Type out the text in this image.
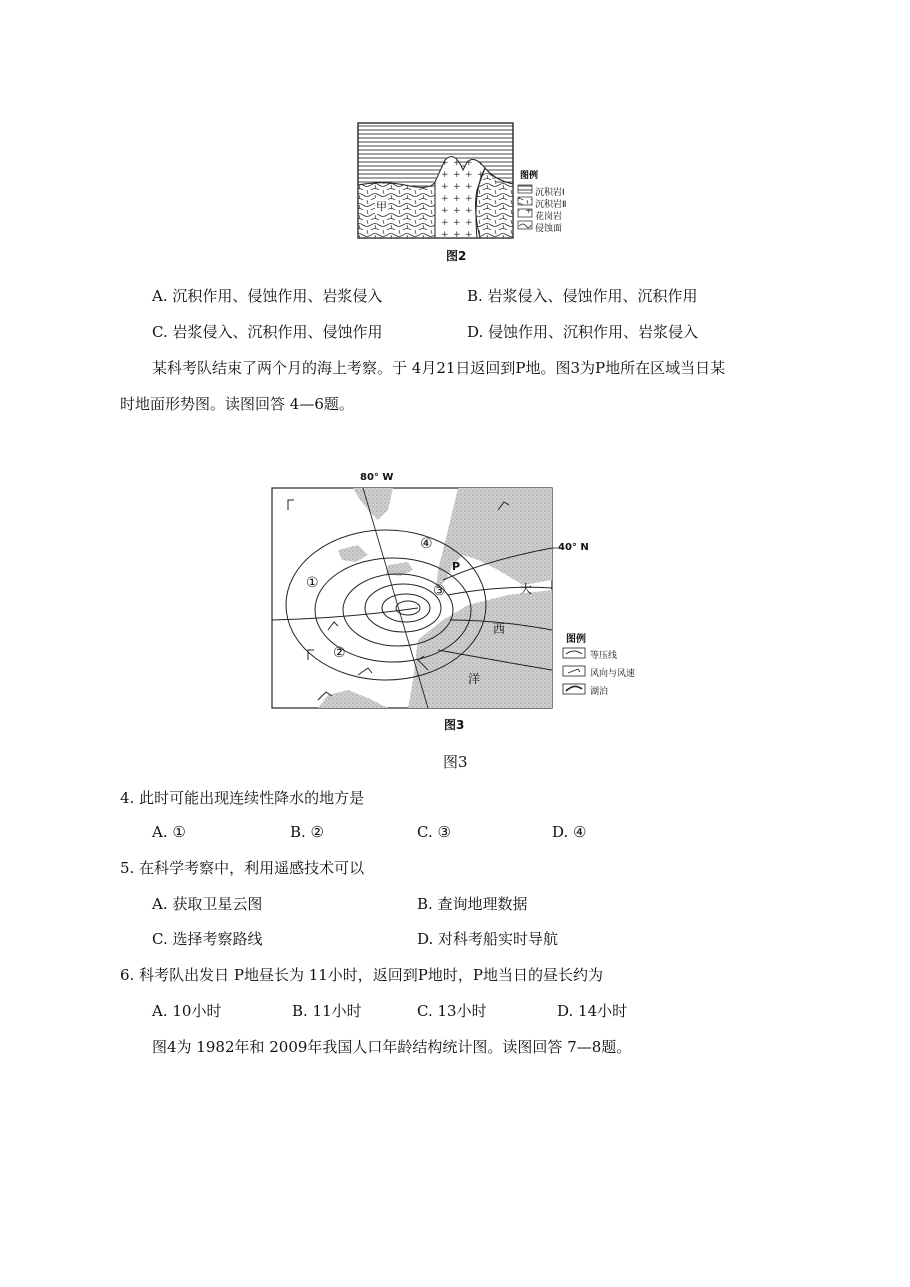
图例
甲
沉积岩Ⅰ
沉积岩Ⅱ
花岗岩
侵蚀面
图2
A. 沉积作用、侵蚀作用、岩浆侵入	B. 岩浆侵入、侵蚀作用、沉积作用
C. 岩浆侵入、沉积作用、侵蚀作用	D. 侵蚀作用、沉积作用、岩浆侵入
某科考队结束了两个月的海上考察。于 4月21日返回到P地。图3为P地所在区域当日某
时地面形势图。读图回答 4—6题。
80° W
40° N
P
①
②
③
④
大
西
洋
图例
等压线
风向与风速
湖泊
图3
图3
4. 此时可能出现连续性降水的地方是
A. ①	B. ②	C. ③	D. ④
5. 在科学考察中，利用遥感技术可以
A. 获取卫星云图	B. 查询地理数据
C. 选择考察路线	D. 对科考船实时导航
6. 科考队出发日 P地昼长为 11小时，返回到P地时，P地当日的昼长约为
A. 10小时	B. 11小时	C. 13小时	D. 14小时
图4为 1982年和 2009年我国人口年龄结构统计图。读图回答 7—8题。
